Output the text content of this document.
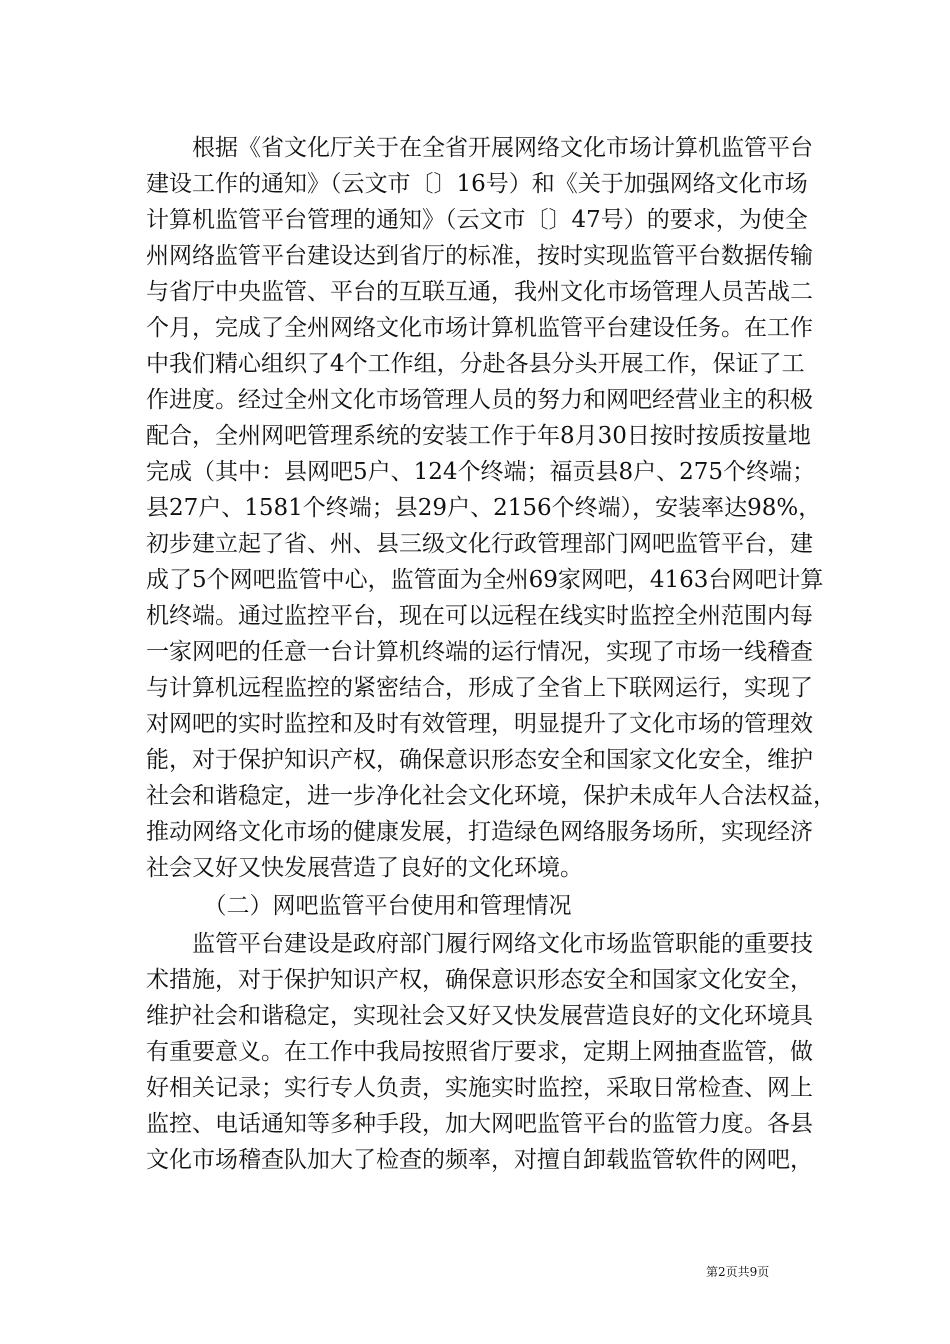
　　根据《省文化厅关于在全省开展网络文化市场计算机监管平台
建设工作的通知》（云文市〔〕16号）和《关于加强网络文化市场
计算机监管平台管理的通知》（云文市〔〕47号）的要求，为使全
州网络监管平台建设达到省厅的标准，按时实现监管平台数据传输
与省厅中央监管、平台的互联互通，我州文化市场管理人员苦战二
个月，完成了全州网络文化市场计算机监管平台建设任务。在工作
中我们精心组织了4个工作组，分赴各县分头开展工作，保证了工
作进度。经过全州文化市场管理人员的努力和网吧经营业主的积极
配合，全州网吧管理系统的安装工作于年8月30日按时按质按量地
完成（其中：县网吧5户、124个终端；福贡县8户、275个终端；
县27户、1581个终端；县29户、2156个终端），安装率达98%，
初步建立起了省、州、县三级文化行政管理部门网吧监管平台，建
成了5个网吧监管中心，监管面为全州69家网吧，4163台网吧计算
机终端。通过监控平台，现在可以远程在线实时监控全州范围内每
一家网吧的任意一台计算机终端的运行情况，实现了市场一线稽查
与计算机远程监控的紧密结合，形成了全省上下联网运行，实现了
对网吧的实时监控和及时有效管理，明显提升了文化市场的管理效
能，对于保护知识产权，确保意识形态安全和国家文化安全，维护
社会和谐稳定，进一步净化社会文化环境，保护未成年人合法权益，
推动网络文化市场的健康发展，打造绿色网络服务场所，实现经济
社会又好又快发展营造了良好的文化环境。
　　　（二）网吧监管平台使用和管理情况
　　监管平台建设是政府部门履行网络文化市场监管职能的重要技
术措施，对于保护知识产权，确保意识形态安全和国家文化安全，
维护社会和谐稳定，实现社会又好又快发展营造良好的文化环境具
有重要意义。在工作中我局按照省厅要求，定期上网抽查监管，做
好相关记录；实行专人负责，实施实时监控，采取日常检查、网上
监控、电话通知等多种手段，加大网吧监管平台的监管力度。各县
文化市场稽查队加大了检查的频率，对擅自卸载监管软件的网吧，
第2页共9页
